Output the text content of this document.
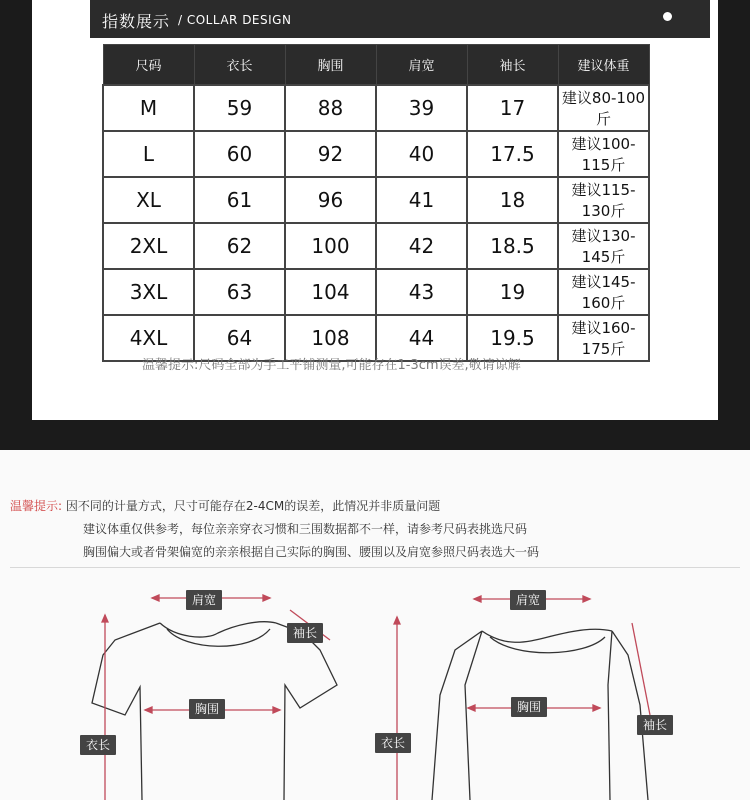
指数展示 / COLLAR DESIGN
尺码	衣长	胸围	肩宽	袖长	建议体重
M	59	88	39	17	建议80-100斤
L	60	92	40	17.5	建议100-115斤
XL	61	96	41	18	建议115-130斤
2XL	62	100	42	18.5	建议130-145斤
3XL	63	104	43	19	建议145-160斤
4XL	64	108	44	19.5	建议160-175斤
温馨提示:尺码全部为手工平铺测量,可能存在1-3cm误差,敬请谅解
温馨提示: 因不同的计量方式，尺寸可能存在2-4CM的误差，此情况并非质量问题
建议体重仅供参考，每位亲亲穿衣习惯和三围数据都不一样，请参考尺码表挑选尺码
胸围偏大或者骨架偏宽的亲亲根据自己实际的胸围、腰围以及肩宽参照尺码表选大一码
肩宽
袖长
胸围
衣长
肩宽
胸围
袖长
衣长
